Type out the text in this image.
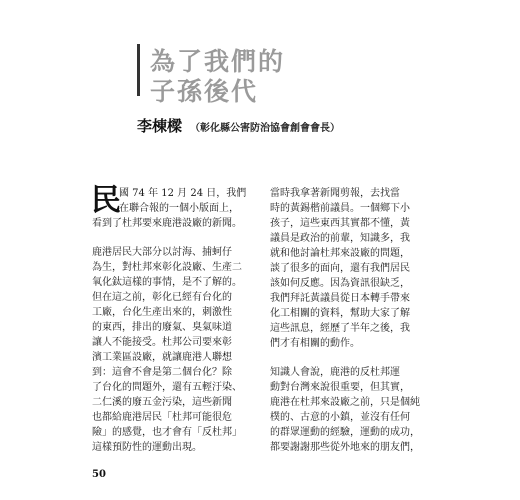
為了我們的
子孫後代
李棟樑 （彰化縣公害防治協會創會會長）
民
國 74 年 12 月 24 日，我們
在聯合報的一個小版面上，
看到了杜邦要來鹿港設廠的新聞。
鹿港居民大部分以討海、捕蚵仔
為生，對杜邦來彰化設廠、生產二
氧化鈦這樣的事情，是不了解的。
但在這之前，彰化已經有台化的
工廠，台化生產出來的，刺激性
的東西，排出的廢氣、臭氣味道
讓人不能接受。杜邦公司要來彰
濱工業區設廠，就讓鹿港人聯想
到：這會不會是第二個台化？除
了台化的問題外，還有五輕汙染、
二仁溪的廢五金污染，這些新聞
也都給鹿港居民「杜邦可能很危
險」的感覺，也才會有「反杜邦」
這樣預防性的運動出現。
當時我拿著新聞剪報，去找當
時的黃錫楷前議員。一個鄉下小
孩子，這些東西其實都不懂，黃
議員是政治的前輩，知識多，我
就和他討論杜邦來設廠的問題，
談了很多的面向，還有我們居民
該如何反應。因為資訊很缺乏，
我們拜託黃議員從日本轉手帶來
化工相關的資料，幫助大家了解
這些訊息，經歷了半年之後，我
們才有相關的動作。
知識人會說，鹿港的反杜邦運
動對台灣來說很重要，但其實，
鹿港在杜邦來設廠之前，只是個純
樸的、古意的小鎮，並沒有任何
的群眾運動的經驗，運動的成功，
都要謝謝那些從外地來的朋友們，
50
